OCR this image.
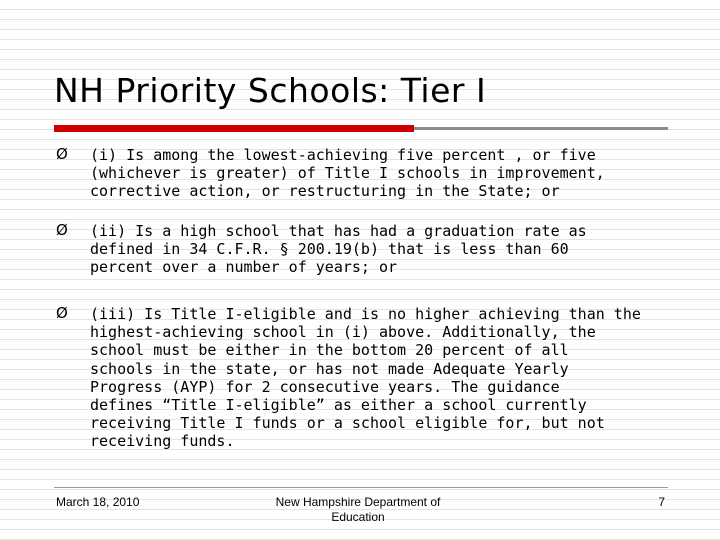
NH Priority Schools: Tier I
Ø (i) Is among the lowest-achieving five percent , or five
(whichever is greater) of Title I schools in improvement,
corrective action, or restructuring in the State; or
Ø (ii) Is a high school that has had a graduation rate as
defined in 34 C.F.R. § 200.19(b) that is less than 60
percent over a number of years; or
Ø (iii) Is Title I-eligible and is no higher achieving than the
highest-achieving school in (i) above. Additionally, the
school must be either in the bottom 20 percent of all
schools in the state, or has not made Adequate Yearly
Progress (AYP) for 2 consecutive years. The guidance
defines “Title I-eligible” as either a school currently
receiving Title I funds or a school eligible for, but not
receiving funds.
March 18, 2010	New Hampshire Department of
Education
7
